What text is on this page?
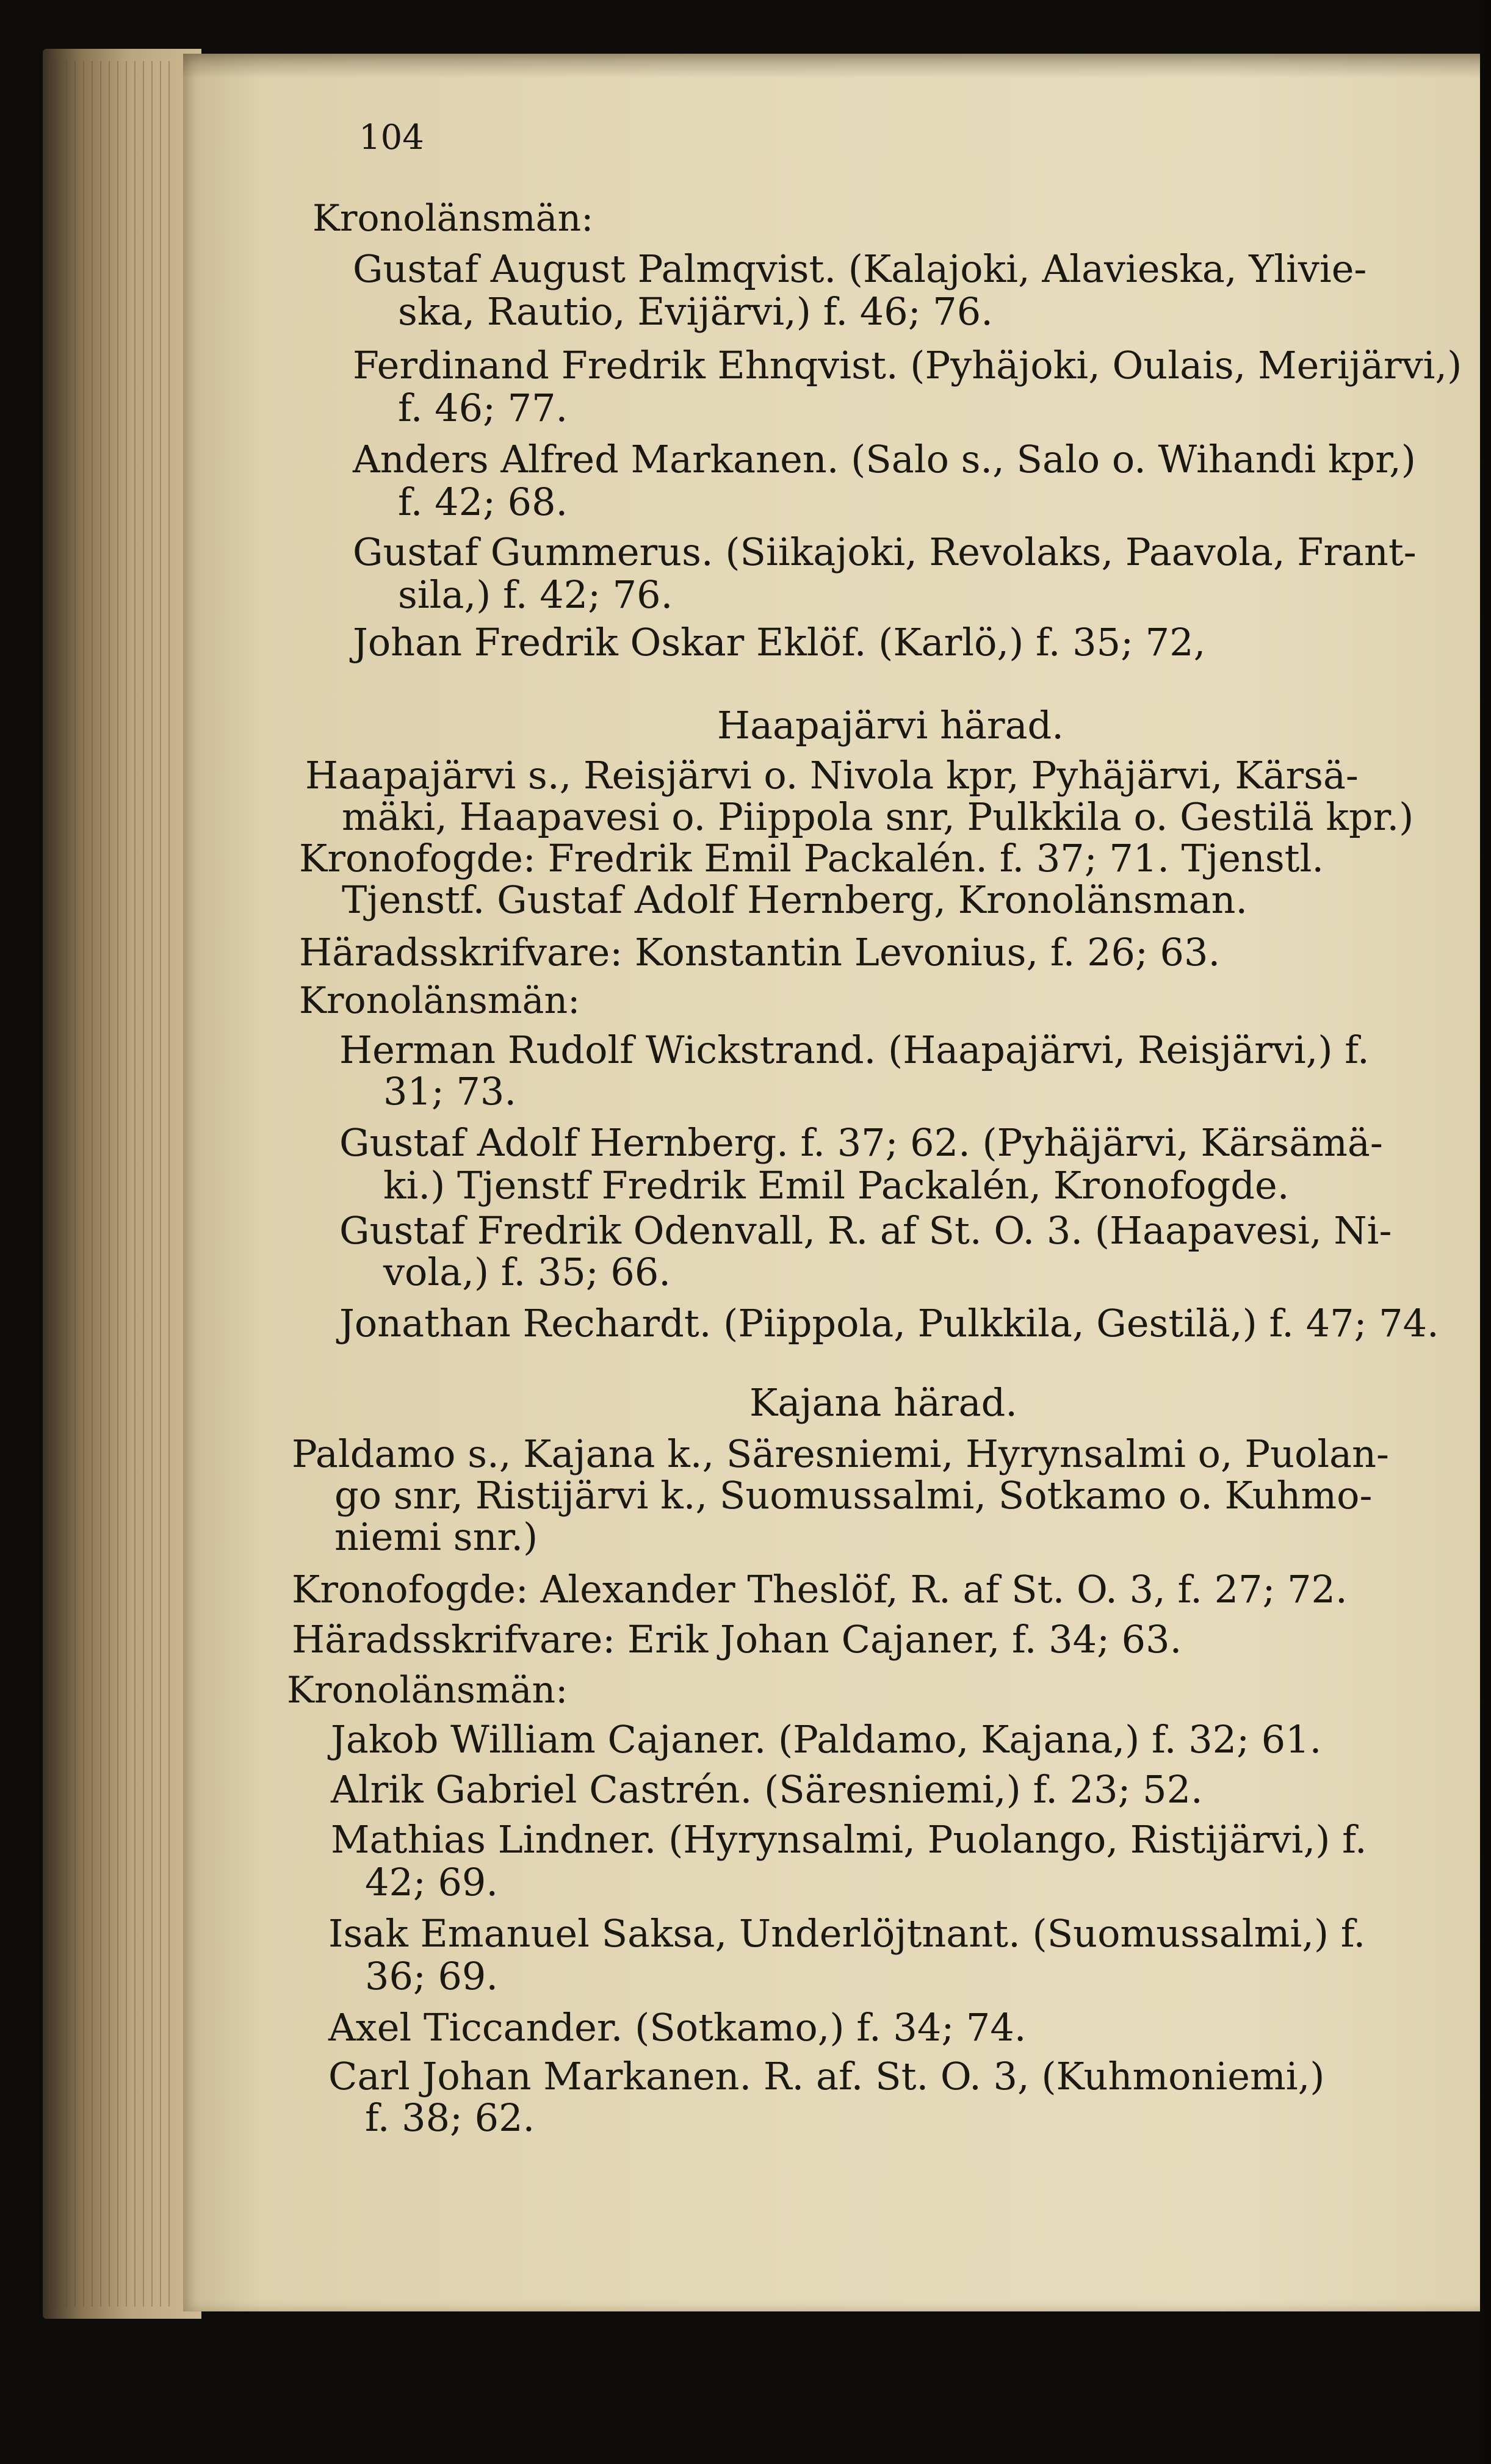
104
Kronolänsmän:
Gustaf August Palmqvist. (Kalajoki, Alavieska, Ylivie-
ska, Rautio, Evijärvi,) f. 46; 76.
Ferdinand Fredrik Ehnqvist. (Pyhäjoki, Oulais, Merijärvi,)
f. 46; 77.
Anders Alfred Markanen. (Salo s., Salo o. Wihandi kpr,)
f. 42; 68.
Gustaf Gummerus. (Siikajoki, Revolaks, Paavola, Frant-
sila,) f. 42; 76.
Johan Fredrik Oskar Eklöf. (Karlö,) f. 35; 72,
Haapajärvi härad.
Haapajärvi s., Reisjärvi o. Nivola kpr, Pyhäjärvi, Kärsä-
mäki, Haapavesi o. Piippola snr, Pulkkila o. Gestilä kpr.)
Kronofogde: Fredrik Emil Packalén. f. 37; 71. Tjenstl.
Tjenstf. Gustaf Adolf Hernberg, Kronolänsman.
Häradsskrifvare: Konstantin Levonius, f. 26; 63.
Kronolänsmän:
Herman Rudolf Wickstrand. (Haapajärvi, Reisjärvi,) f.
31; 73.
Gustaf Adolf Hernberg. f. 37; 62. (Pyhäjärvi, Kärsämä-
ki.) Tjenstf Fredrik Emil Packalén, Kronofogde.
Gustaf Fredrik Odenvall, R. af St. O. 3. (Haapavesi, Ni-
vola,) f. 35; 66.
Jonathan Rechardt. (Piippola, Pulkkila, Gestilä,) f. 47; 74.
Kajana härad.
Paldamo s., Kajana k., Säresniemi, Hyrynsalmi o, Puolan-
go snr, Ristijärvi k., Suomussalmi, Sotkamo o. Kuhmo-
niemi snr.)
Kronofogde: Alexander Theslöf, R. af St. O. 3, f. 27; 72.
Häradsskrifvare: Erik Johan Cajaner, f. 34; 63.
Kronolänsmän:
Jakob William Cajaner. (Paldamo, Kajana,) f. 32; 61.
Alrik Gabriel Castrén. (Säresniemi,) f. 23; 52.
Mathias Lindner. (Hyrynsalmi, Puolango, Ristijärvi,) f.
42; 69.
Isak Emanuel Saksa, Underlöjtnant. (Suomussalmi,) f.
36; 69.
Axel Ticcander. (Sotkamo,) f. 34; 74.
Carl Johan Markanen. R. af. St. O. 3, (Kuhmoniemi,)
f. 38; 62.
